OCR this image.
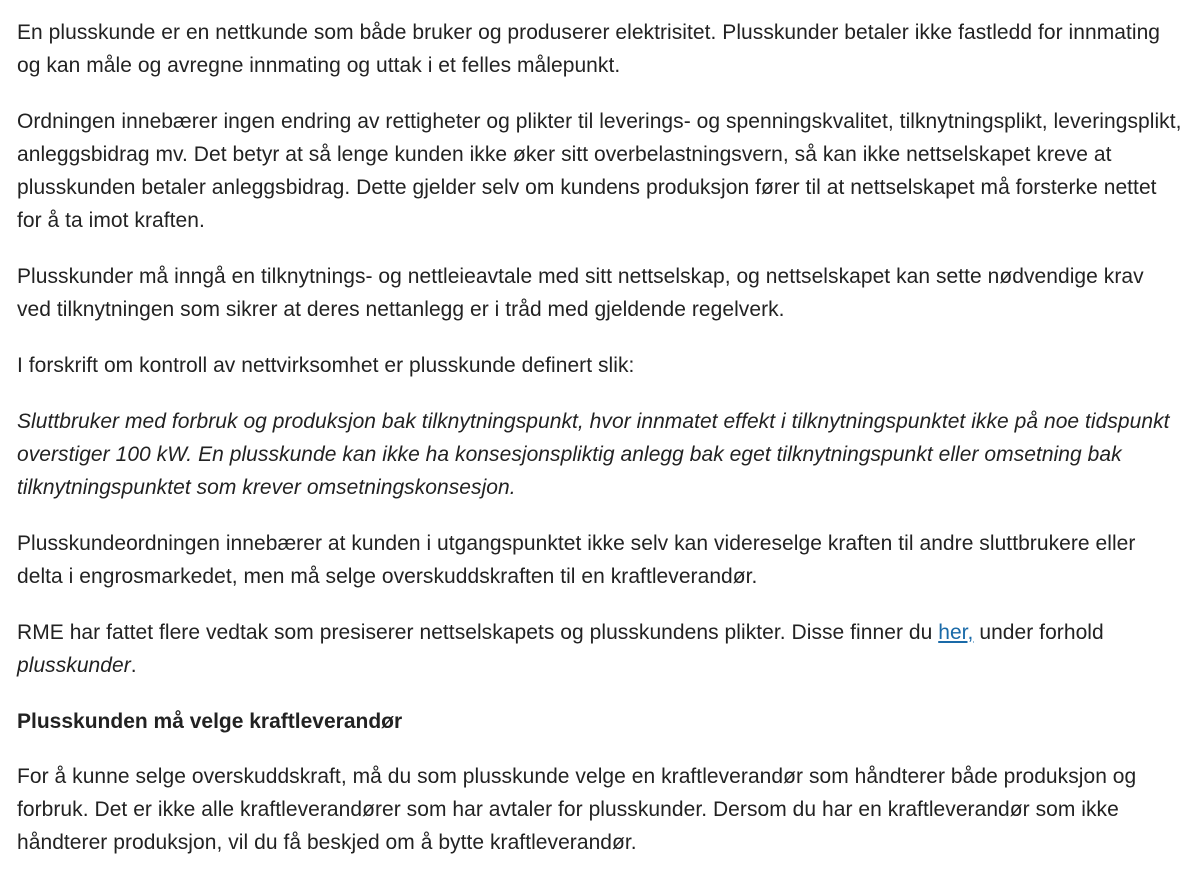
En plusskunde er en nettkunde som både bruker og produserer elektrisitet. Plusskunder betaler ikke fastledd for innmating og kan måle og avregne innmating og uttak i et felles målepunkt.

Ordningen innebærer ingen endring av rettigheter og plikter til leverings- og spenningskvalitet, tilknytningsplikt, leveringsplikt, anleggsbidrag mv. Det betyr at så lenge kunden ikke øker sitt overbelastningsvern, så kan ikke nettselskapet kreve at plusskunden betaler anleggsbidrag. Dette gjelder selv om kundens produksjon fører til at nettselskapet må forsterke nettet for å ta imot kraften.

Plusskunder må inngå en tilknytnings- og nettleieavtale med sitt nettselskap, og nettselskapet kan sette nødvendige krav ved tilknytningen som sikrer at deres nettanlegg er i tråd med gjeldende regelverk.

I forskrift om kontroll av nettvirksomhet er plusskunde definert slik:

Sluttbruker med forbruk og produksjon bak tilknytningspunkt, hvor innmatet effekt i tilknytningspunktet ikke på noe tidspunkt overstiger 100 kW. En plusskunde kan ikke ha konsesjonspliktig anlegg bak eget tilknytningspunkt eller omsetning bak tilknytningspunktet som krever omsetningskonsesjon.

Plusskundeordningen innebærer at kunden i utgangspunktet ikke selv kan videreselge kraften til andre sluttbrukere eller delta i engrosmarkedet, men må selge overskuddskraften til en kraftleverandør.

RME har fattet flere vedtak som presiserer nettselskapets og plusskundens plikter. Disse finner du her, under forhold plusskunder.

Plusskunden må velge kraftleverandør

For å kunne selge overskuddskraft, må du som plusskunde velge en kraftleverandør som håndterer både produksjon og forbruk. Det er ikke alle kraftleverandører som har avtaler for plusskunder. Dersom du har en kraftleverandør som ikke håndterer produksjon, vil du få beskjed om å bytte kraftleverandør.
